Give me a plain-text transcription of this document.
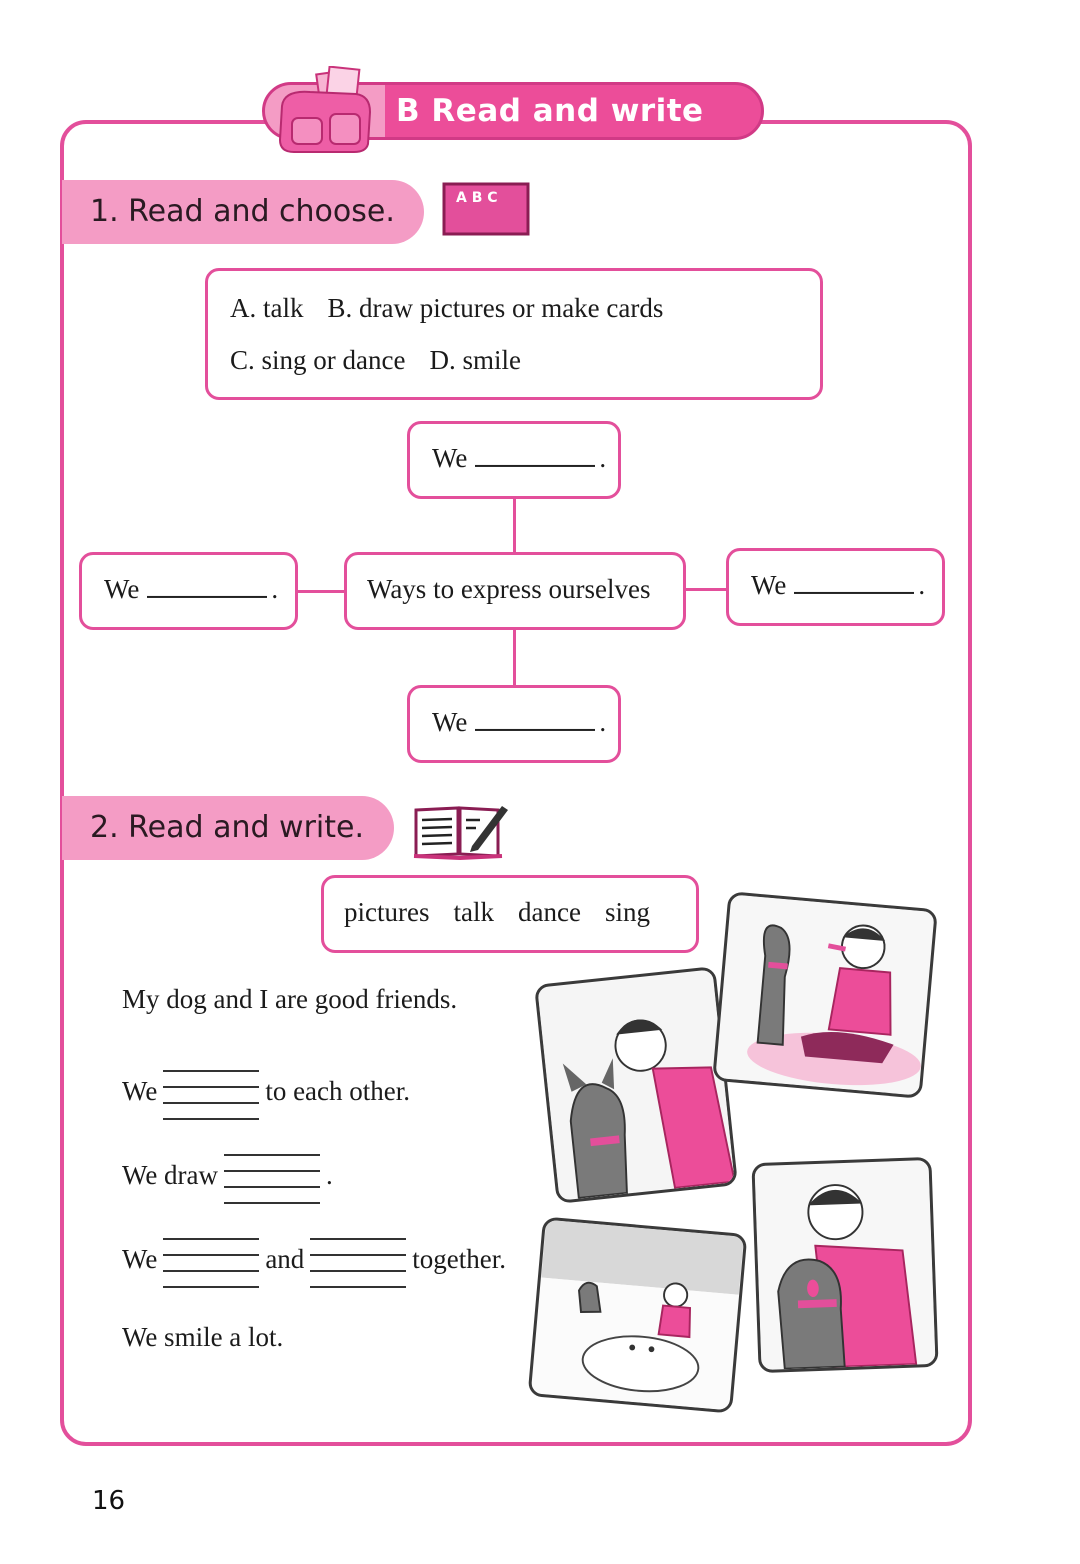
B Read and write
1. Read and choose.	A B C
A. talk B. draw pictures or make cards
C. sing or dance D. smile
We	.
We	.	Ways to express ourselves	We	.
We	.
2. Read and write.
pictures talk dance sing
My dog and I are good friends.
We	to each other.
We draw	.
We	and	together.
We smile a lot.
16
